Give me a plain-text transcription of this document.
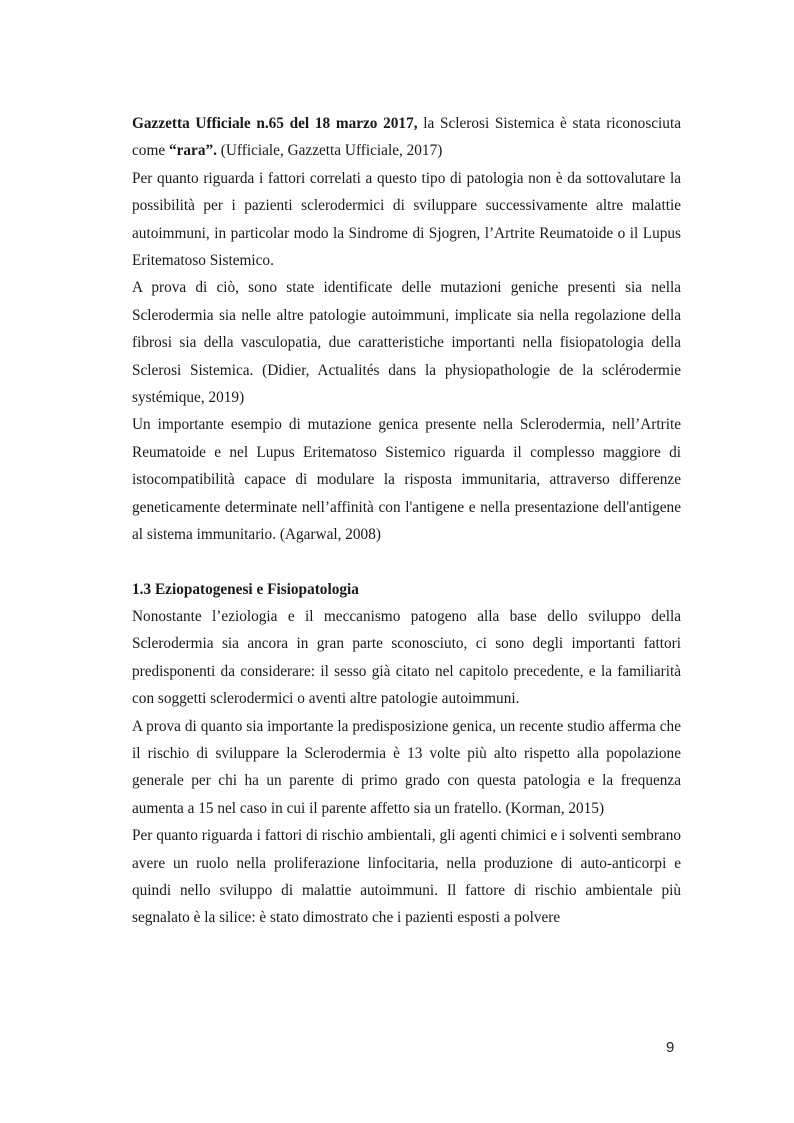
Gazzetta Ufficiale n.65 del 18 marzo 2017, la Sclerosi Sistemica è stata riconosciuta come “rara”. (Ufficiale, Gazzetta Ufficiale, 2017)

Per quanto riguarda i fattori correlati a questo tipo di patologia non è da sottovalutare la possibilità per i pazienti sclerodermici di sviluppare successivamente altre malattie autoimmuni, in particolar modo la Sindrome di Sjogren, l’Artrite Reumatoide o il Lupus Eritematoso Sistemico.

A prova di ciò, sono state identificate delle mutazioni geniche presenti sia nella Sclerodermia sia nelle altre patologie autoimmuni, implicate sia nella regolazione della fibrosi sia della vasculopatia, due caratteristiche importanti nella fisiopatologia della Sclerosi Sistemica. (Didier, Actualités dans la physiopathologie de la sclérodermie systémique, 2019)

Un importante esempio di mutazione genica presente nella Sclerodermia, nell’Artrite Reumatoide e nel Lupus Eritematoso Sistemico riguarda il complesso maggiore di istocompatibilità capace di modulare la risposta immunitaria, attraverso differenze geneticamente determinate nell’affinità con l'antigene e nella presentazione dell'antigene al sistema immunitario. (Agarwal, 2008)

1.3 Eziopatogenesi e Fisiopatologia

Nonostante l’eziologia e il meccanismo patogeno alla base dello sviluppo della Sclerodermia sia ancora in gran parte sconosciuto, ci sono degli importanti fattori predisponenti da considerare: il sesso già citato nel capitolo precedente, e la familiarità con soggetti sclerodermici o aventi altre patologie autoimmuni.

A prova di quanto sia importante la predisposizione genica, un recente studio afferma che il rischio di sviluppare la Sclerodermia è 13 volte più alto rispetto alla popolazione generale per chi ha un parente di primo grado con questa patologia e la frequenza aumenta a 15 nel caso in cui il parente affetto sia un fratello. (Korman, 2015)

Per quanto riguarda i fattori di rischio ambientali, gli agenti chimici e i solventi sembrano avere un ruolo nella proliferazione linfocitaria, nella produzione di auto-anticorpi e quindi nello sviluppo di malattie autoimmuni. Il fattore di rischio ambientale più segnalato è la silice: è stato dimostrato che i pazienti esposti a polvere

9
